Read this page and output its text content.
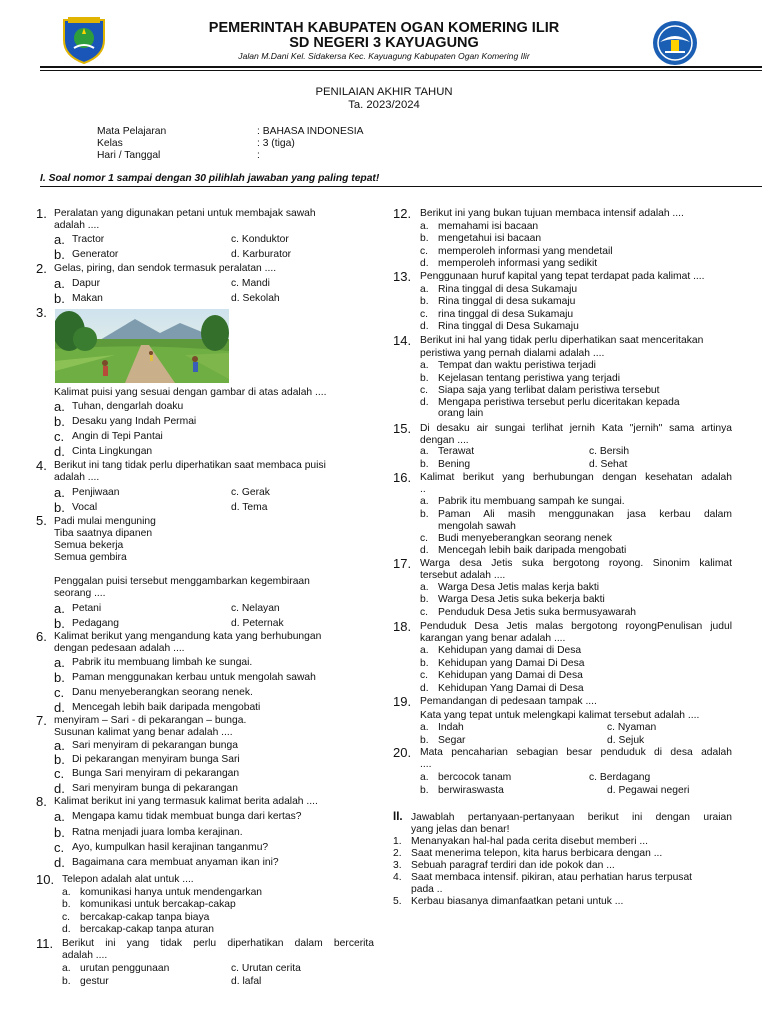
PEMERINTAH KABUPATEN OGAN KOMERING ILIR
SD NEGERI 3 KAYUAGUNG
Jalan M.Dani Kel. Sidakersa Kec. Kayuagung Kabupaten Ogan Komering Ilir
PENILAIAN AKHIR TAHUN
Ta. 2023/2024
Mata Pelajaran	: BAHASA INDONESIA
Kelas	: 3 (tiga)
Hari / Tanggal	:
I. Soal nomor 1 sampai dengan 30 pilihlah jawaban yang paling tepat!
1. Peralatan yang digunakan petani untuk membajak sawah
adalah ....
a. Tractor	c. Konduktor
b. Generator	d. Karburator
2. Gelas, piring, dan sendok termasuk peralatan ....
a. Dapur	c. Mandi
b. Makan	d. Sekolah
3.
Kalimat puisi yang sesuai dengan gambar di atas adalah ....
a. Tuhan, dengarlah doaku
b. Desaku yang Indah Permai
c. Angin di Tepi Pantai
d. Cinta Lingkungan
4. Berikut ini tang tidak perlu diperhatikan saat membaca puisi
adalah ....
a. Penjiwaan	c. Gerak
b. Vocal	d. Tema
5. Padi mulai menguning
Tiba saatnya dipanen
Semua bekerja
Semua gembira
Penggalan puisi tersebut menggambarkan kegembiraan
seorang ....
a. Petani	c. Nelayan
b. Pedagang	d. Peternak
6. Kalimat berikut yang mengandung kata yang berhubungan
dengan pedesaan adalah ....
a. Pabrik itu membuang limbah ke sungai.
b. Paman menggunakan kerbau untuk mengolah sawah
c. Danu menyeberangkan seorang nenek.
d. Mencegah lebih baik daripada mengobati
7. menyiram – Sari - di pekarangan – bunga.
Susunan kalimat yang benar adalah ....
a. Sari menyiram di pekarangan bunga
b. Di pekarangan menyiram bunga Sari
c. Bunga Sari menyiram di pekarangan
d. Sari menyiram bunga di pekarangan
8. Kalimat berikut ini yang termasuk kalimat berita adalah ....
a. Mengapa kamu tidak membuat bunga dari kertas?
b. Ratna menjadi juara lomba kerajinan.
c. Ayo, kumpulkan hasil kerajinan tanganmu?
d. Bagaimana cara membuat anyaman ikan ini?
10. Telepon adalah alat untuk ....
a. komunikasi hanya untuk mendengarkan
b. komunikasi untuk bercakap-cakap
c. bercakap-cakap tanpa biaya
d. bercakap-cakap tanpa aturan
11. Berikut ini yang tidak perlu diperhatikan dalam bercerita
adalah ....
a. urutan penggunaan	c. Urutan cerita
b. gestur	d. lafal
12. Berikut ini yang bukan tujuan membaca intensif adalah ....
a. memahami isi bacaan
b. mengetahui isi bacaan
c. memperoleh informasi yang mendetail
d. memperoleh informasi yang sedikit
13. Penggunaan huruf kapital yang tepat terdapat pada kalimat ....
a. Rina tinggal di desa Sukamaju
b. Rina tinggal di desa sukamaju
c. rina tinggal di desa Sukamaju
d. Rina tinggal di Desa Sukamaju
14. Berikut ini hal yang tidak perlu diperhatikan saat menceritakan
peristiwa yang pernah dialami adalah ....
a. Tempat dan waktu peristiwa terjadi
b. Kejelasan tentang peristiwa yang terjadi
c. Siapa saja yang terlibat dalam peristiwa tersebut
d. Mengapa peristiwa tersebut perlu diceritakan kepada
orang lain
15. Di desaku air sungai terlihat jernih Kata "jernih" sama artinya
dengan ....
a. Terawat	c. Bersih
b. Bening	d. Sehat
16. Kalimat berikut yang berhubungan dengan kesehatan adalah
..
a. Pabrik itu membuang sampah ke sungai.
b. Paman Ali masih menggunakan jasa kerbau dalam
mengolah sawah
c. Budi menyeberangkan seorang nenek
d. Mencegah lebih baik daripada mengobati
17. Warga desa Jetis suka bergotong royong. Sinonim kalimat
tersebut adalah ....
a. Warga Desa Jetis malas kerja bakti
b. Warga Desa Jetis suka bekerja bakti
c. Penduduk Desa Jetis suka bermusyawarah
18. Penduduk Desa Jetis malas bergotong royongPenulisan judul
karangan yang benar adalah ....
a. Kehidupan yang damai di Desa
b. Kehidupan yang Damai Di Desa
c. Kehidupan yang Damai di Desa
d. Kehidupan Yang Damai di Desa
19. Pemandangan di pedesaan tampak ....
Kata yang tepat untuk melengkapi kalimat tersebut adalah ....
a. Indah	c. Nyaman
b. Segar	d. Sejuk
20. Mata pencaharian sebagian besar penduduk di desa adalah
....
a. bercocok tanam	c. Berdagang
b. berwiraswasta	d. Pegawai negeri
II. Jawablah pertanyaan-pertanyaan berikut ini dengan uraian
yang jelas dan benar!
1. Menanyakan hal-hal pada cerita disebut memberi ...
2. Saat menerima telepon, kita harus berbicara dengan ...
3. Sebuah paragraf terdiri dan ide pokok dan ...
4. Saat membaca intensif. pikiran, atau perhatian harus terpusat
pada ..
5. Kerbau biasanya dimanfaatkan petani untuk ...
